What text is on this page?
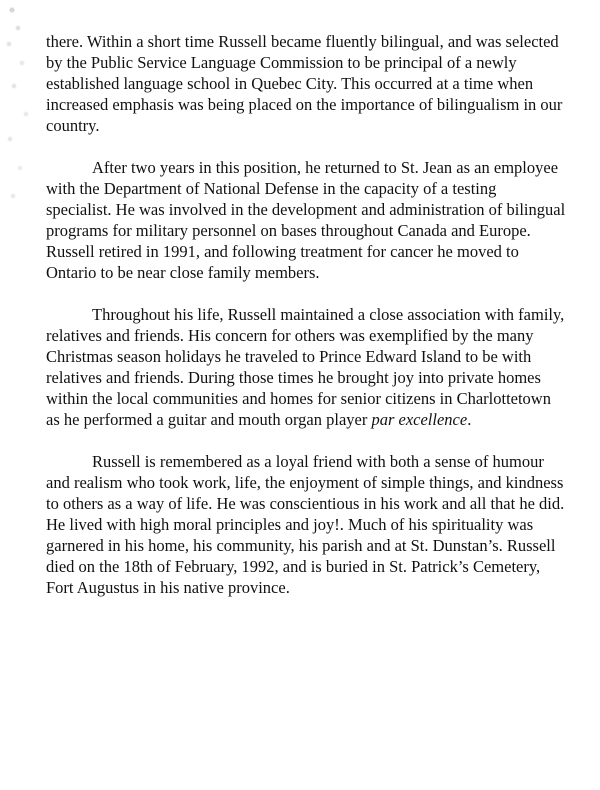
there. Within a short time Russell became fluently bilingual, and was selected by the Public Service Language Commission to be principal of a newly established language school in Quebec City. This occurred at a time when increased emphasis was being placed on the importance of bilingualism in our country.

After two years in this position, he returned to St. Jean as an employee with the Department of National Defense in the capacity of a testing specialist. He was involved in the development and administration of bilingual programs for military personnel on bases throughout Canada and Europe. Russell retired in 1991, and following treatment for cancer he moved to Ontario to be near close family members.

Throughout his life, Russell maintained a close association with family, relatives and friends. His concern for others was exemplified by the many Christmas season holidays he traveled to Prince Edward Island to be with relatives and friends. During those times he brought joy into private homes within the local communities and homes for senior citizens in Charlottetown as he performed a guitar and mouth organ player par excellence.

Russell is remembered as a loyal friend with both a sense of humour and realism who took work, life, the enjoyment of simple things, and kindness to others as a way of life. He was conscientious in his work and all that he did. He lived with high moral principles and joy!. Much of his spirituality was garnered in his home, his community, his parish and at St. Dunstan’s. Russell died on the 18th of February, 1992, and is buried in St. Patrick’s Cemetery, Fort Augustus in his native province.
